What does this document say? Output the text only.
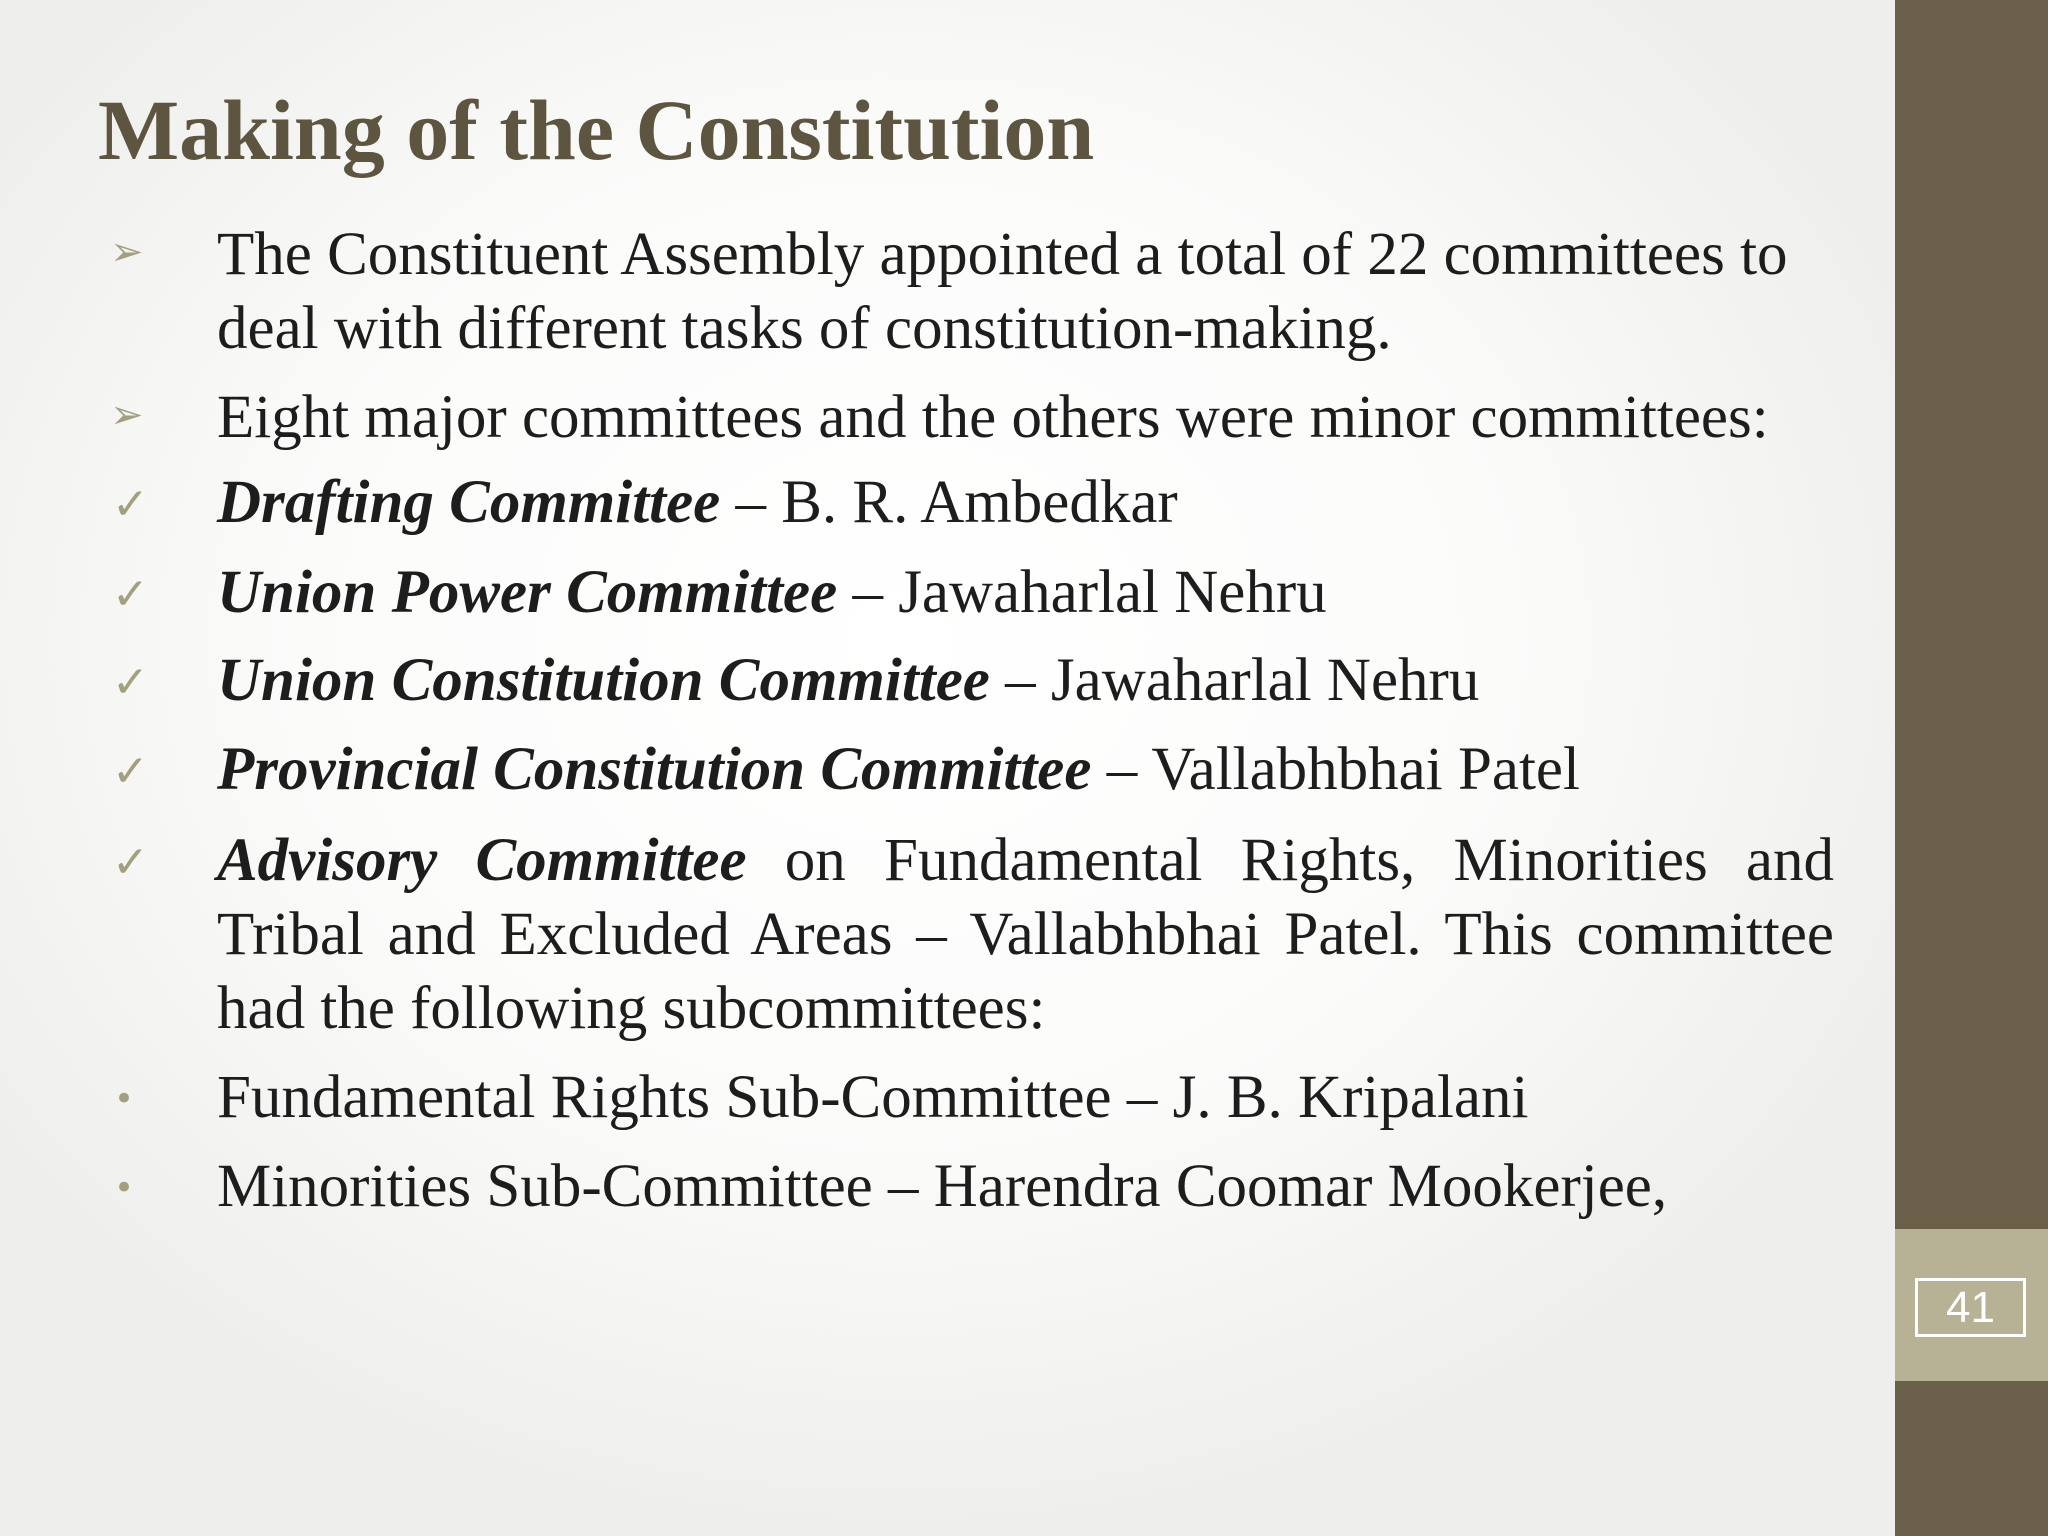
Making of the Constitution
➢ The Constituent Assembly appointed a total of 22 committees to deal with different tasks of constitution-making.
➢ Eight major committees and the others were minor committees:
✓ Drafting Committee – B. R. Ambedkar
✓ Union Power Committee – Jawaharlal Nehru
✓ Union Constitution Committee – Jawaharlal Nehru
✓ Provincial Constitution Committee – Vallabhbhai Patel
✓ Advisory Committee on Fundamental Rights, Minorities and Tribal and Excluded Areas – Vallabhbhai Patel. This committee had the following subcommittees:
• Fundamental Rights Sub-Committee – J. B. Kripalani
• Minorities Sub-Committee – Harendra Coomar Mookerjee,
41
